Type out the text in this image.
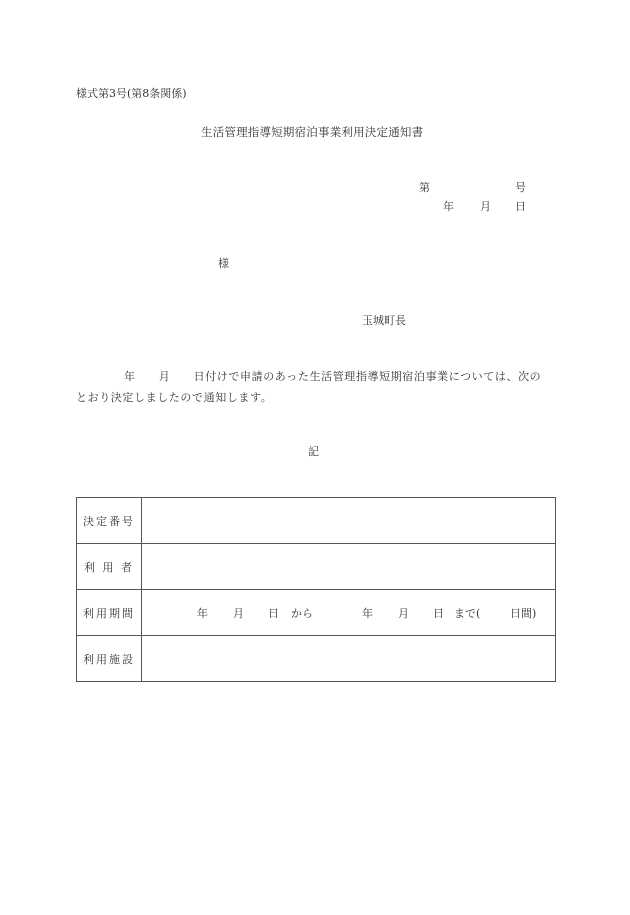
様式第3号(第8条関係)
生活管理指導短期宿泊事業利用決定通知書
第	号
年 月 日
様
玉城町長
年　　月　　日付けで申請のあった生活管理指導短期宿泊事業については、次の
とおり決定しましたので通知します。
記
決定番号	
利 用 者	
利用期間	年 月 日 から	年 月 日 まで(	日間)

利用施設	
